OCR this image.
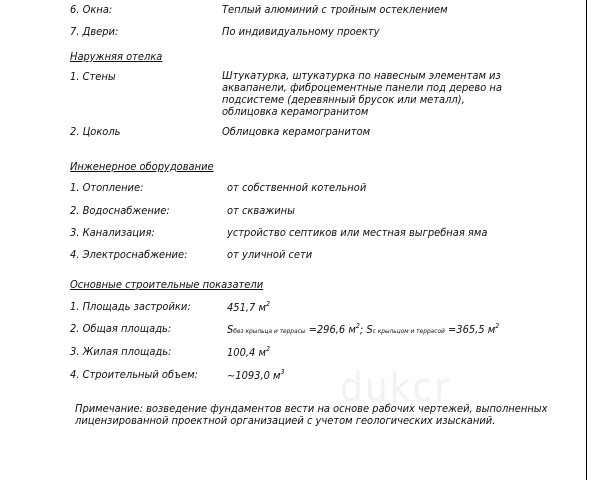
dukcr
6. Окна:	Теплый алюминий с тройным остеклением
7. Двери:	По индивидуальному проекту
Наружняя отелка
1. Стены	Штукатурка, штукатурка по навесным элементам из аквапанели, фиброцементные панели под дерево на подсистеме (деревянный брусок или металл), облицовка керамогранитом
2. Цоколь	Облицовка керамогранитом
Инженерное оборудование
1. Отопление:	от собственной котельной
2. Водоснабжение:	от скважины
3. Канализация:	устройство септиков или местная выгребная яма
4. Электроснабжение:	от уличной сети
Основные строительные показатели
1. Площадь застройки:	451,7 $м^2$
2. Общая площадь:	Sбез крыльца и террасы =296,6 $м^2$; Sс крыльцом и террасой =365,5 $м^2$
3. Жилая площадь:	100,4 $м^2$
4. Строительный объем:	~1093,0 $м^3$
Примечание: возведение фундаментов вести на основе рабочих чертежей, выполненных лицензированной проектной организацией с учетом геологических изысканий.
